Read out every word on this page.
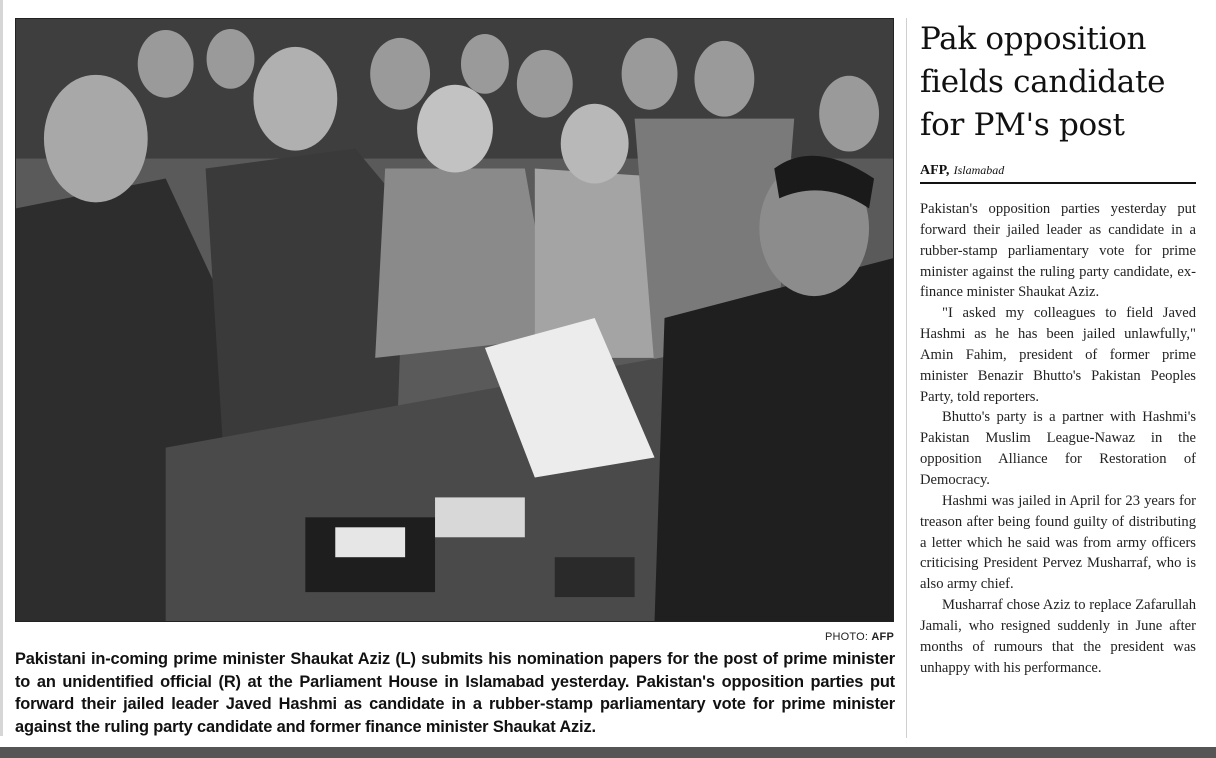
PHOTO: AFP
Pakistani in-coming prime minister Shaukat Aziz (L) submits his nomination papers for the post of prime minister to an unidentified official (R) at the Parliament House in Islamabad yesterday. Pakistan's opposition parties put forward their jailed leader Javed Hashmi as candidate in a rubber-stamp parliamentary vote for prime minister against the ruling party candidate and former finance minister Shaukat Aziz.
Pak opposition fields candidate for PM's post
AFP, Islamabad

Pakistan's opposition parties yesterday put forward their jailed leader as candidate in a rubber-stamp parliamentary vote for prime minister against the ruling party candidate, ex-finance minister Shaukat Aziz.

"I asked my colleagues to field Javed Hashmi as he has been jailed unlawfully," Amin Fahim, president of former prime minister Benazir Bhutto's Pakistan Peoples Party, told reporters.

Bhutto's party is a partner with Hashmi's Pakistan Muslim League-Nawaz in the opposition Alliance for Restoration of Democracy.

Hashmi was jailed in April for 23 years for treason after being found guilty of distributing a letter which he said was from army officers criticising President Pervez Musharraf, who is also army chief.

Musharraf chose Aziz to replace Zafarullah Jamali, who resigned suddenly in June after months of rumours that the president was unhappy with his performance.
